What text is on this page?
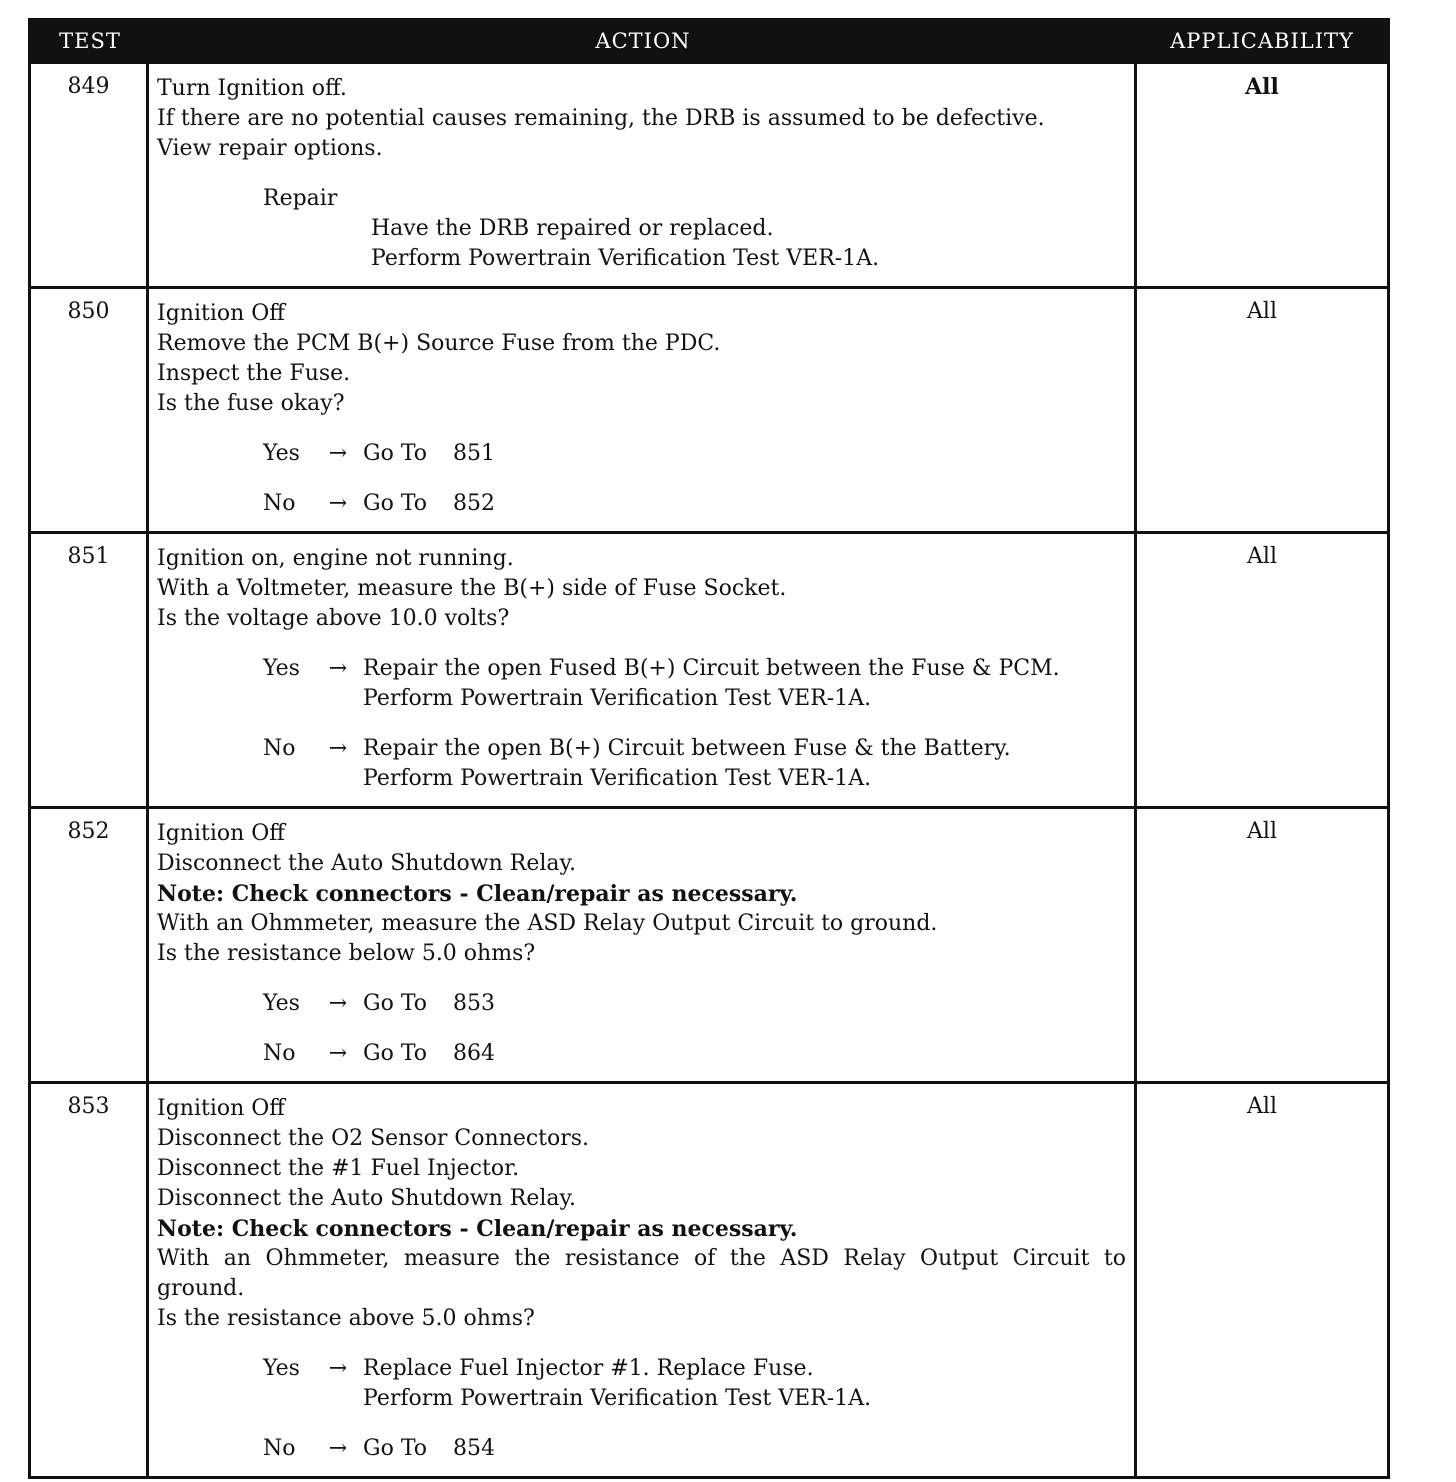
TEST	ACTION	APPLICABILITY
849	Turn Ignition off.
If there are no potential causes remaining, the DRB is assumed to be defective.
View repair options.
Repair
Have the DRB repaired or replaced.
Perform Powertrain Verification Test VER-1A.
All
850	Ignition Off
Remove the PCM B(+) Source Fuse from the PDC.
Inspect the Fuse.
Is the fuse okay?
Yes	→ Go To 851
No	→ Go To 852
All
851	Ignition on, engine not running.
With a Voltmeter, measure the B(+) side of Fuse Socket.
Is the voltage above 10.0 volts?
Yes	→ Repair the open Fused B(+) Circuit between the Fuse & PCM.
Perform Powertrain Verification Test VER-1A.
No	→ Repair the open B(+) Circuit between Fuse & the Battery.
Perform Powertrain Verification Test VER-1A.
All
852	Ignition Off
Disconnect the Auto Shutdown Relay.
Note: Check connectors - Clean/repair as necessary.
With an Ohmmeter, measure the ASD Relay Output Circuit to ground.
Is the resistance below 5.0 ohms?
Yes	→ Go To 853
No	→ Go To 864
All
853	Ignition Off
Disconnect the O2 Sensor Connectors.
Disconnect the #1 Fuel Injector.
Disconnect the Auto Shutdown Relay.
Note: Check connectors - Clean/repair as necessary.
With an Ohmmeter, measure the resistance of the ASD Relay Output Circuit to ground.
Is the resistance above 5.0 ohms?
Yes	→ Replace Fuel Injector #1. Replace Fuse.
Perform Powertrain Verification Test VER-1A.
No	→ Go To 854
All
